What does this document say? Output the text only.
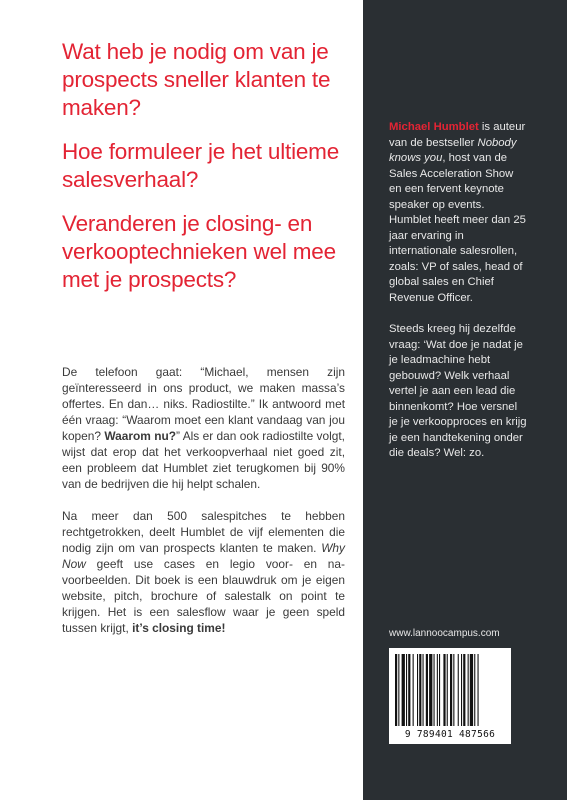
Wat heb je nodig om van je prospects sneller klanten te maken?
Hoe formuleer je het ultieme salesverhaal?
Veranderen je closing- en verkooptechnieken wel mee met je prospects?

De telefoon gaat: “Michael, mensen zijn geïnteresseerd in ons product, we maken massa’s offertes. En dan… niks. Radiostilte.” Ik antwoord met één vraag: “Waarom moet een klant vandaag van jou kopen? Waarom nu?” Als er dan ook radiostilte volgt, wijst dat erop dat het verkoopverhaal niet goed zit, een probleem dat Humblet ziet terugkomen bij 90% van de bedrijven die hij helpt schalen.

Na meer dan 500 salespitches te hebben rechtgetrokken, deelt Humblet de vijf elementen die nodig zijn om van prospects klanten te maken. Why Now geeft use cases en legio voor- en na-voorbeelden. Dit boek is een blauwdruk om je eigen website, pitch, brochure of salestalk on point te krijgen. Het is een salesflow waar je geen speld tussen krijgt, it’s closing time!

Michael Humblet is auteur van de bestseller Nobody knows you, host van de Sales Acceleration Show en een fervent keynote speaker op events. Humblet heeft meer dan 25 jaar ervaring in internationale salesrollen, zoals: VP of sales, head of global sales en Chief Revenue Officer.

Steeds kreeg hij dezelfde vraag: ‘Wat doe je nadat je je leadmachine hebt gebouwd? Welk verhaal vertel je aan een lead die binnenkomt? Hoe versnel je je verkoopproces en krijg je een handtekening onder die deals? Wel: zo.

www.lannoocampus.com
9 789401 487566
